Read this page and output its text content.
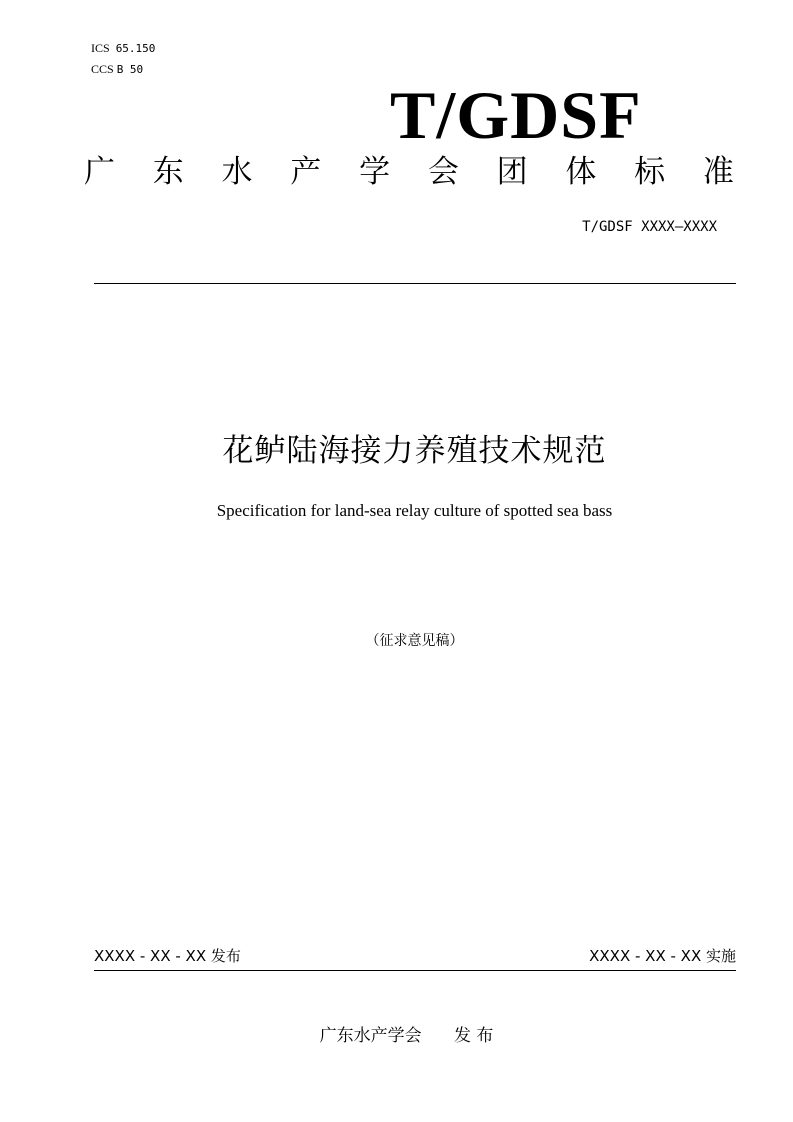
ICS 65.150
CCS B 50
T/GDSF
广 东 水 产 学 会 团 体 标 准
T/GDSF XXXX—XXXX
花鲈陆海接力养殖技术规范
Specification for land-sea relay culture of spotted sea bass
（征求意见稿）
XXXX - XX - XX 发布	XXXX - XX - XX 实施
广东水产学会 发 布
